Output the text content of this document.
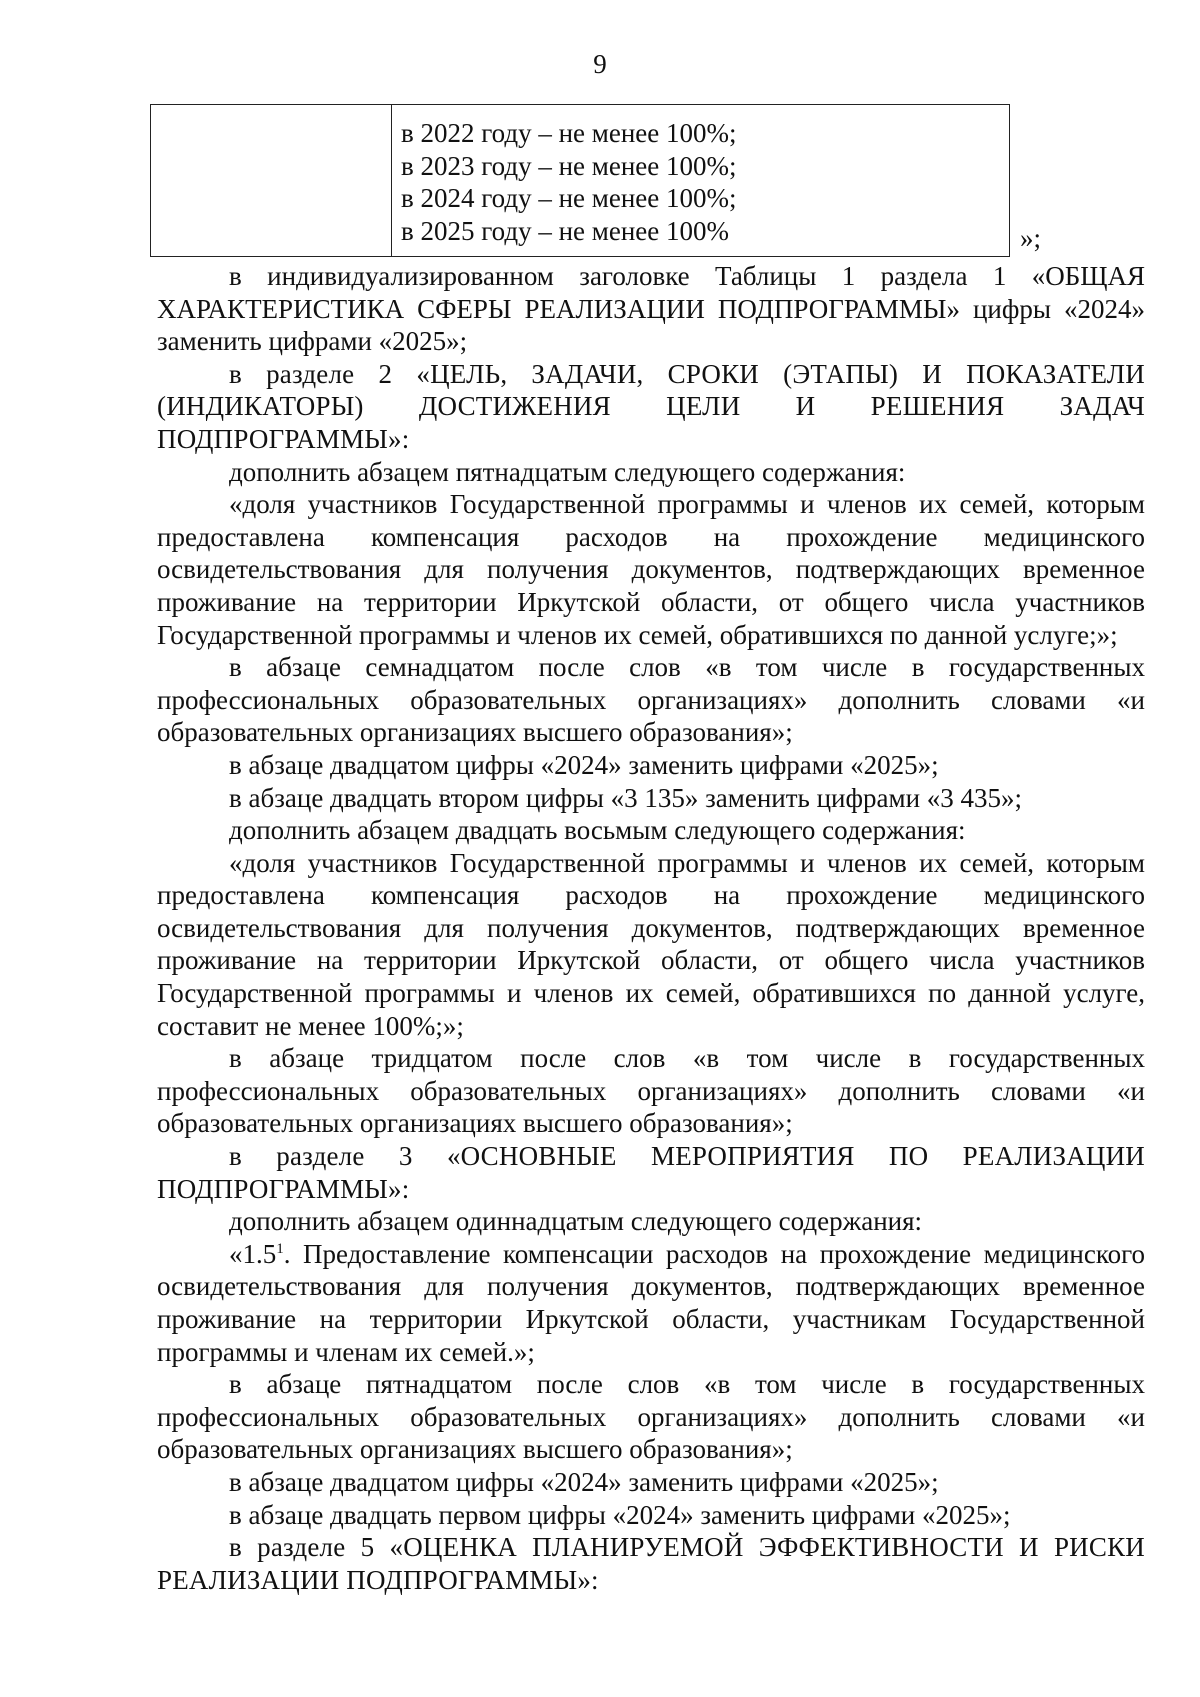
9
в 2022 году – не менее 100%;
в 2023 году – не менее 100%;
в 2024 году – не менее 100%;
в 2025 году – не менее 100%	»;

в индивидуализированном заголовке Таблицы 1 раздела 1 «ОБЩАЯ ХАРАКТЕРИСТИКА СФЕРЫ РЕАЛИЗАЦИИ ПОДПРОГРАММЫ» цифры «2024» заменить цифрами «2025»;

в разделе 2 «ЦЕЛЬ, ЗАДАЧИ, СРОКИ (ЭТАПЫ) И ПОКАЗАТЕЛИ (ИНДИКАТОРЫ) ДОСТИЖЕНИЯ ЦЕЛИ И РЕШЕНИЯ ЗАДАЧ ПОДПРОГРАММЫ»:

дополнить абзацем пятнадцатым следующего содержания:

«доля участников Государственной программы и членов их семей, которым предоставлена компенсация расходов на прохождение медицинского освидетельствования для получения документов, подтверждающих временное проживание на территории Иркутской области, от общего числа участников Государственной программы и членов их семей, обратившихся по данной услуге;»;

в абзаце семнадцатом после слов «в том числе в государственных профессиональных образовательных организациях» дополнить словами «и образовательных организациях высшего образования»;

в абзаце двадцатом цифры «2024» заменить цифрами «2025»;

в абзаце двадцать втором цифры «3 135» заменить цифрами «3 435»;

дополнить абзацем двадцать восьмым следующего содержания:

«доля участников Государственной программы и членов их семей, которым предоставлена компенсация расходов на прохождение медицинского освидетельствования для получения документов, подтверждающих временное проживание на территории Иркутской области, от общего числа участников Государственной программы и членов их семей, обратившихся по данной услуге, составит не менее 100%;»;

в абзаце тридцатом после слов «в том числе в государственных профессиональных образовательных организациях» дополнить словами «и образовательных организациях высшего образования»;

в разделе 3 «ОСНОВНЫЕ МЕРОПРИЯТИЯ ПО РЕАЛИЗАЦИИ ПОДПРОГРАММЫ»:

дополнить абзацем одиннадцатым следующего содержания:

«$1.5^1$. Предоставление компенсации расходов на прохождение медицинского освидетельствования для получения документов, подтверждающих временное проживание на территории Иркутской области, участникам Государственной программы и членам их семей.»;

в абзаце пятнадцатом после слов «в том числе в государственных профессиональных образовательных организациях» дополнить словами «и образовательных организациях высшего образования»;

в абзаце двадцатом цифры «2024» заменить цифрами «2025»;

в абзаце двадцать первом цифры «2024» заменить цифрами «2025»;

в разделе 5 «ОЦЕНКА ПЛАНИРУЕМОЙ ЭФФЕКТИВНОСТИ И РИСКИ РЕАЛИЗАЦИИ ПОДПРОГРАММЫ»:
